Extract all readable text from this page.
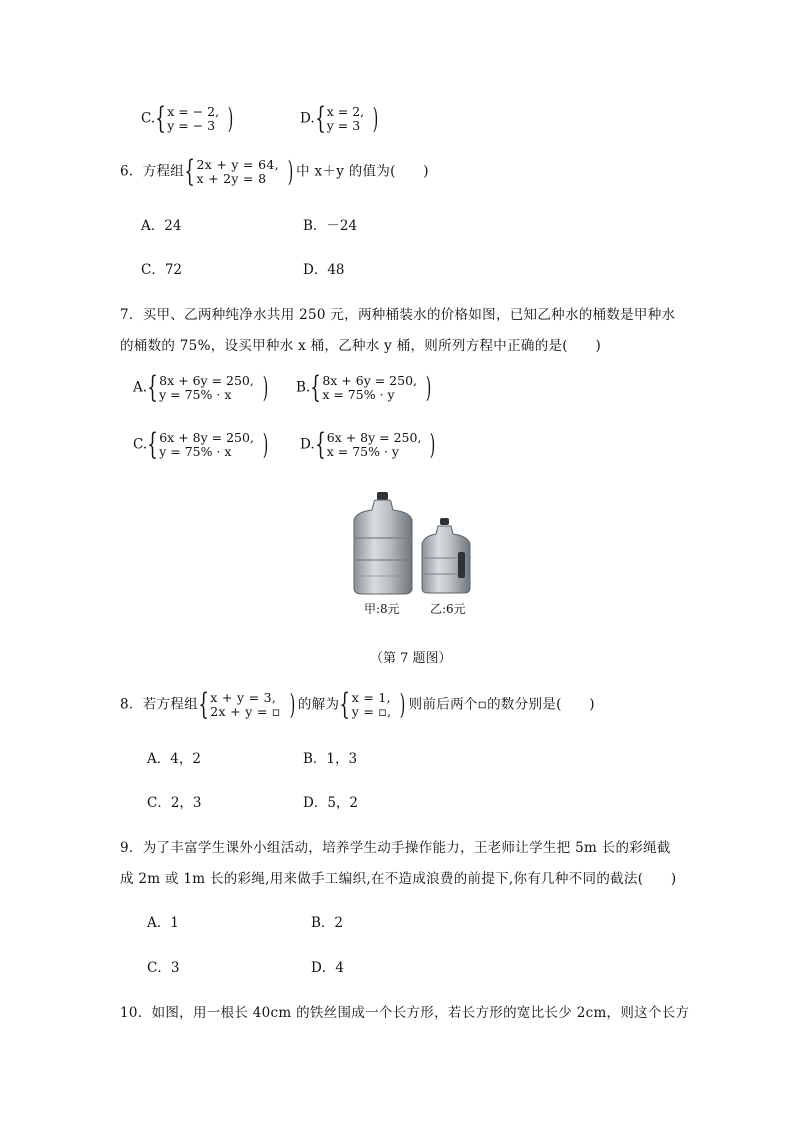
C. { x = − 2,
y = − 3 )	D. { x = 2,
y = 3 )
6．方程组 { 2x + y = 64,
x + 2y = 8 ) 中 x＋y 的值为(　　)
A．24	B．－24
C．72	D．48
7．买甲、乙两种纯净水共用 250 元，两种桶装水的价格如图，已知乙种水的桶数是甲种水
的桶数的 75%，设买甲种水 x 桶，乙种水 y 桶，则所列方程中正确的是(　　)
A. { 8x + 6y = 250,
y = 75% · x	) B. { 8x + 6y = 250,
x = 75% · y	)
C. { 6x + 8y = 250,
y = 75% · x	) D. { 6x + 8y = 250,
x = 75% · y	)
甲:8元	乙:6元
（第 7 题图）
8．若方程组 { x + y = 3,
2x + y = ▫ ) 的解为 { x = 1,
y = ▫, ) 则前后两个▫的数分别是(　　)
A．4，2	B．1，3
C．2，3	D．5，2
9．为了丰富学生课外小组活动，培养学生动手操作能力，王老师让学生把 5m 长的彩绳截
成 2m 或 1m 长的彩绳,用来做手工编织,在不造成浪费的前提下,你有几种不同的截法(　　)
A．1	B．2
C．3	D．4
10．如图，用一根长 40cm 的铁丝围成一个长方形，若长方形的宽比长少 2cm，则这个长方
